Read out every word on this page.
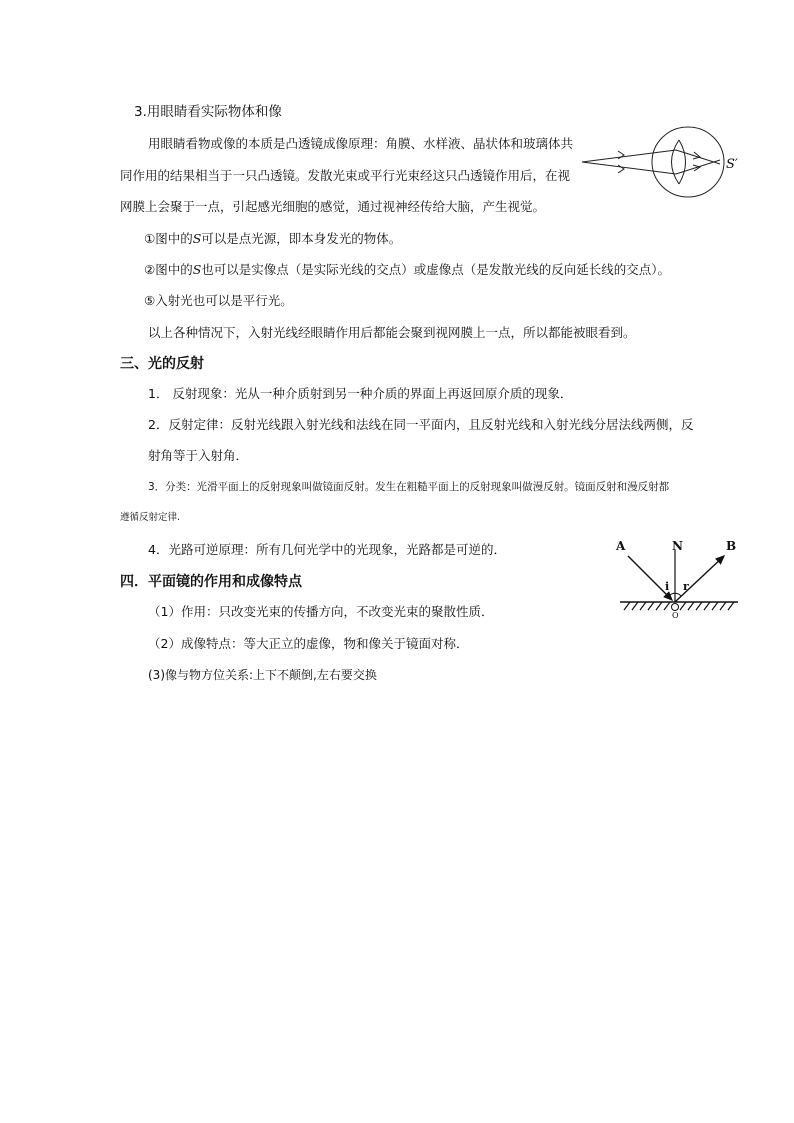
3.用眼睛看实际物体和像
用眼睛看物或像的本质是凸透镜成像原理：角膜、水样液、晶状体和玻璃体共
同作用的结果相当于一只凸透镜。发散光束或平行光束经这只凸透镜作用后，在视
网膜上会聚于一点，引起感光细胞的感觉，通过视神经传给大脑，产生视觉。
①图中的S可以是点光源，即本身发光的物体。
②图中的S也可以是实像点（是实际光线的交点）或虚像点（是发散光线的反向延长线的交点）。
⑤入射光也可以是平行光。
以上各种情况下，入射光线经眼睛作用后都能会聚到视网膜上一点，所以都能被眼看到。
S′
三、光的反射
1． 反射现象：光从一种介质射到另一种介质的界面上再返回原介质的现象．
2．反射定律：反射光线跟入射光线和法线在同一平面内，且反射光线和入射光线分居法线两侧，反
射角等于入射角．
3．分类：光滑平面上的反射现象叫做镜面反射。发生在粗糙平面上的反射现象叫做漫反射。镜面反射和漫反射都
遵循反射定律.
4．光路可逆原理：所有几何光学中的光现象，光路都是可逆的．	A	N	B
i r
O
四．平面镜的作用和成像特点
（1）作用：只改变光束的传播方向，不改变光束的聚散性质．
（2）成像特点：等大正立的虚像，物和像关于镜面对称．
(3)像与物方位关系:上下不颠倒,左右要交换
